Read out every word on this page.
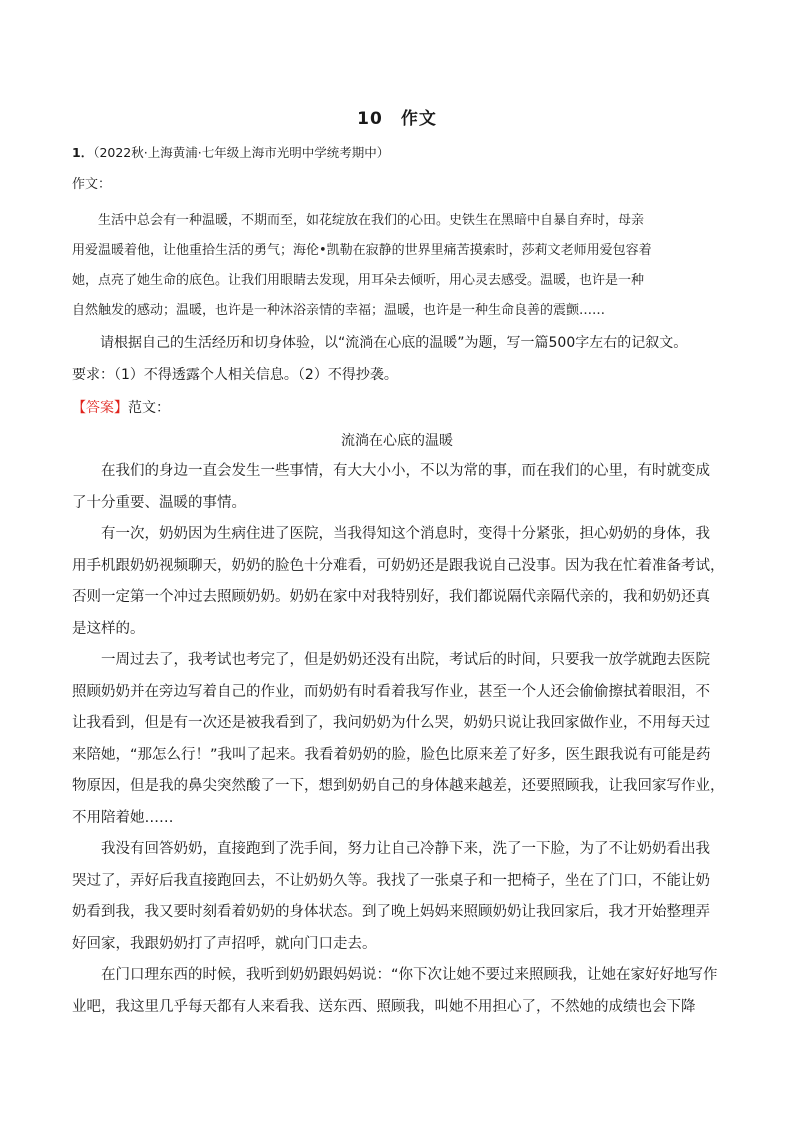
10　作文
1．（2022秋·上海黄浦·七年级上海市光明中学统考期中）
作文：
　　生活中总会有一种温暖，不期而至，如花绽放在我们的心田。史铁生在黑暗中自暴自弃时，母亲
用爱温暖着他，让他重拾生活的勇气；海伦•凯勒在寂静的世界里痛苦摸索时，莎莉文老师用爱包容着
她，点亮了她生命的底色。让我们用眼睛去发现，用耳朵去倾听，用心灵去感受。温暖，也许是一种
自然触发的感动；温暖，也许是一种沐浴亲情的幸福；温暖，也许是一种生命良善的震颤……
　　请根据自己的生活经历和切身体验，以“流淌在心底的温暖”为题，写一篇500字左右的记叙文。
要求：（1）不得透露个人相关信息。（2）不得抄袭。
【答案】范文：
流淌在心底的温暖
　　在我们的身边一直会发生一些事情，有大大小小，不以为常的事，而在我们的心里，有时就变成
了十分重要、温暖的事情。
　　有一次，奶奶因为生病住进了医院，当我得知这个消息时，变得十分紧张，担心奶奶的身体，我
用手机跟奶奶视频聊天，奶奶的脸色十分难看，可奶奶还是跟我说自己没事。因为我在忙着准备考试，
否则一定第一个冲过去照顾奶奶。奶奶在家中对我特别好，我们都说隔代亲隔代亲的，我和奶奶还真
是这样的。
　　一周过去了，我考试也考完了，但是奶奶还没有出院，考试后的时间，只要我一放学就跑去医院
照顾奶奶并在旁边写着自己的作业，而奶奶有时看着我写作业，甚至一个人还会偷偷擦拭着眼泪，不
让我看到，但是有一次还是被我看到了，我问奶奶为什么哭，奶奶只说让我回家做作业，不用每天过
来陪她，“那怎么行！”我叫了起来。我看着奶奶的脸，脸色比原来差了好多，医生跟我说有可能是药
物原因，但是我的鼻尖突然酸了一下，想到奶奶自己的身体越来越差，还要照顾我，让我回家写作业，
不用陪着她……
　　我没有回答奶奶，直接跑到了洗手间，努力让自己冷静下来，洗了一下脸，为了不让奶奶看出我
哭过了，弄好后我直接跑回去，不让奶奶久等。我找了一张桌子和一把椅子，坐在了门口，不能让奶
奶看到我，我又要时刻看着奶奶的身体状态。到了晚上妈妈来照顾奶奶让我回家后，我才开始整理弄
好回家，我跟奶奶打了声招呼，就向门口走去。
　　在门口理东西的时候，我听到奶奶跟妈妈说：“你下次让她不要过来照顾我，让她在家好好地写作
业吧，我这里几乎每天都有人来看我、送东西、照顾我，叫她不用担心了，不然她的成绩也会下降
